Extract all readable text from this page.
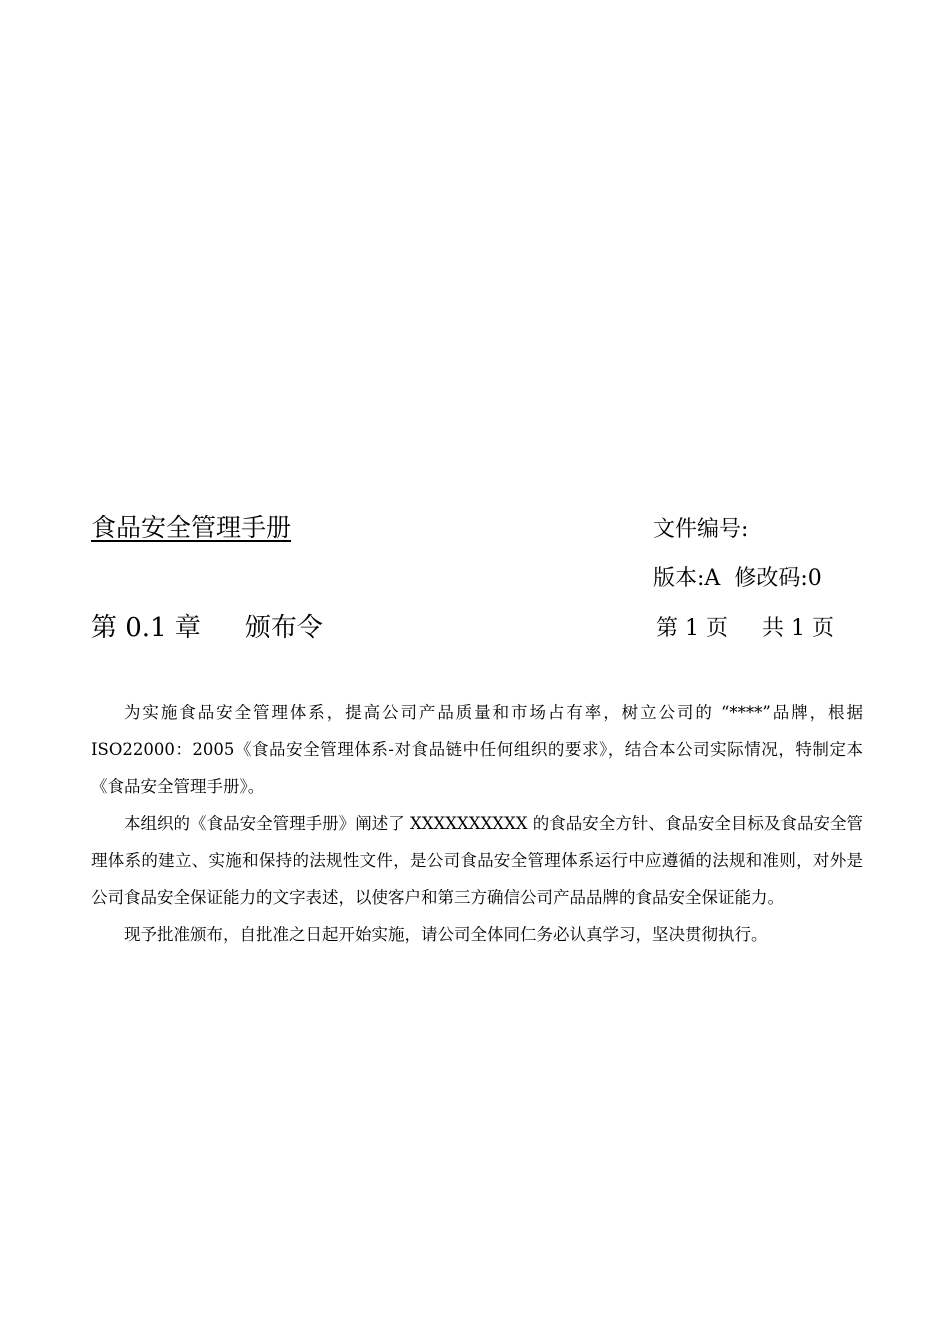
食品安全管理手册	文件编号:
版本:A 修改码:0
第 0.1 章 颁布令	第 1 页 共 1 页

为实施食品安全管理体系，提高公司产品质量和市场占有率，树立公司的 “****”品牌，根据 ISO22000：2005《食品安全管理体系-对食品链中任何组织的要求》，结合本公司实际情况，特制定本《食品安全管理手册》。

本组织的《食品安全管理手册》阐述了 XXXXXXXXXX 的食品安全方针、食品安全目标及食品安全管理体系的建立、实施和保持的法规性文件，是公司食品安全管理体系运行中应遵循的法规和准则，对外是公司食品安全保证能力的文字表述，以使客户和第三方确信公司产品品牌的食品安全保证能力。

现予批准颁布，自批准之日起开始实施，请公司全体同仁务必认真学习，坚决贯彻执行。
